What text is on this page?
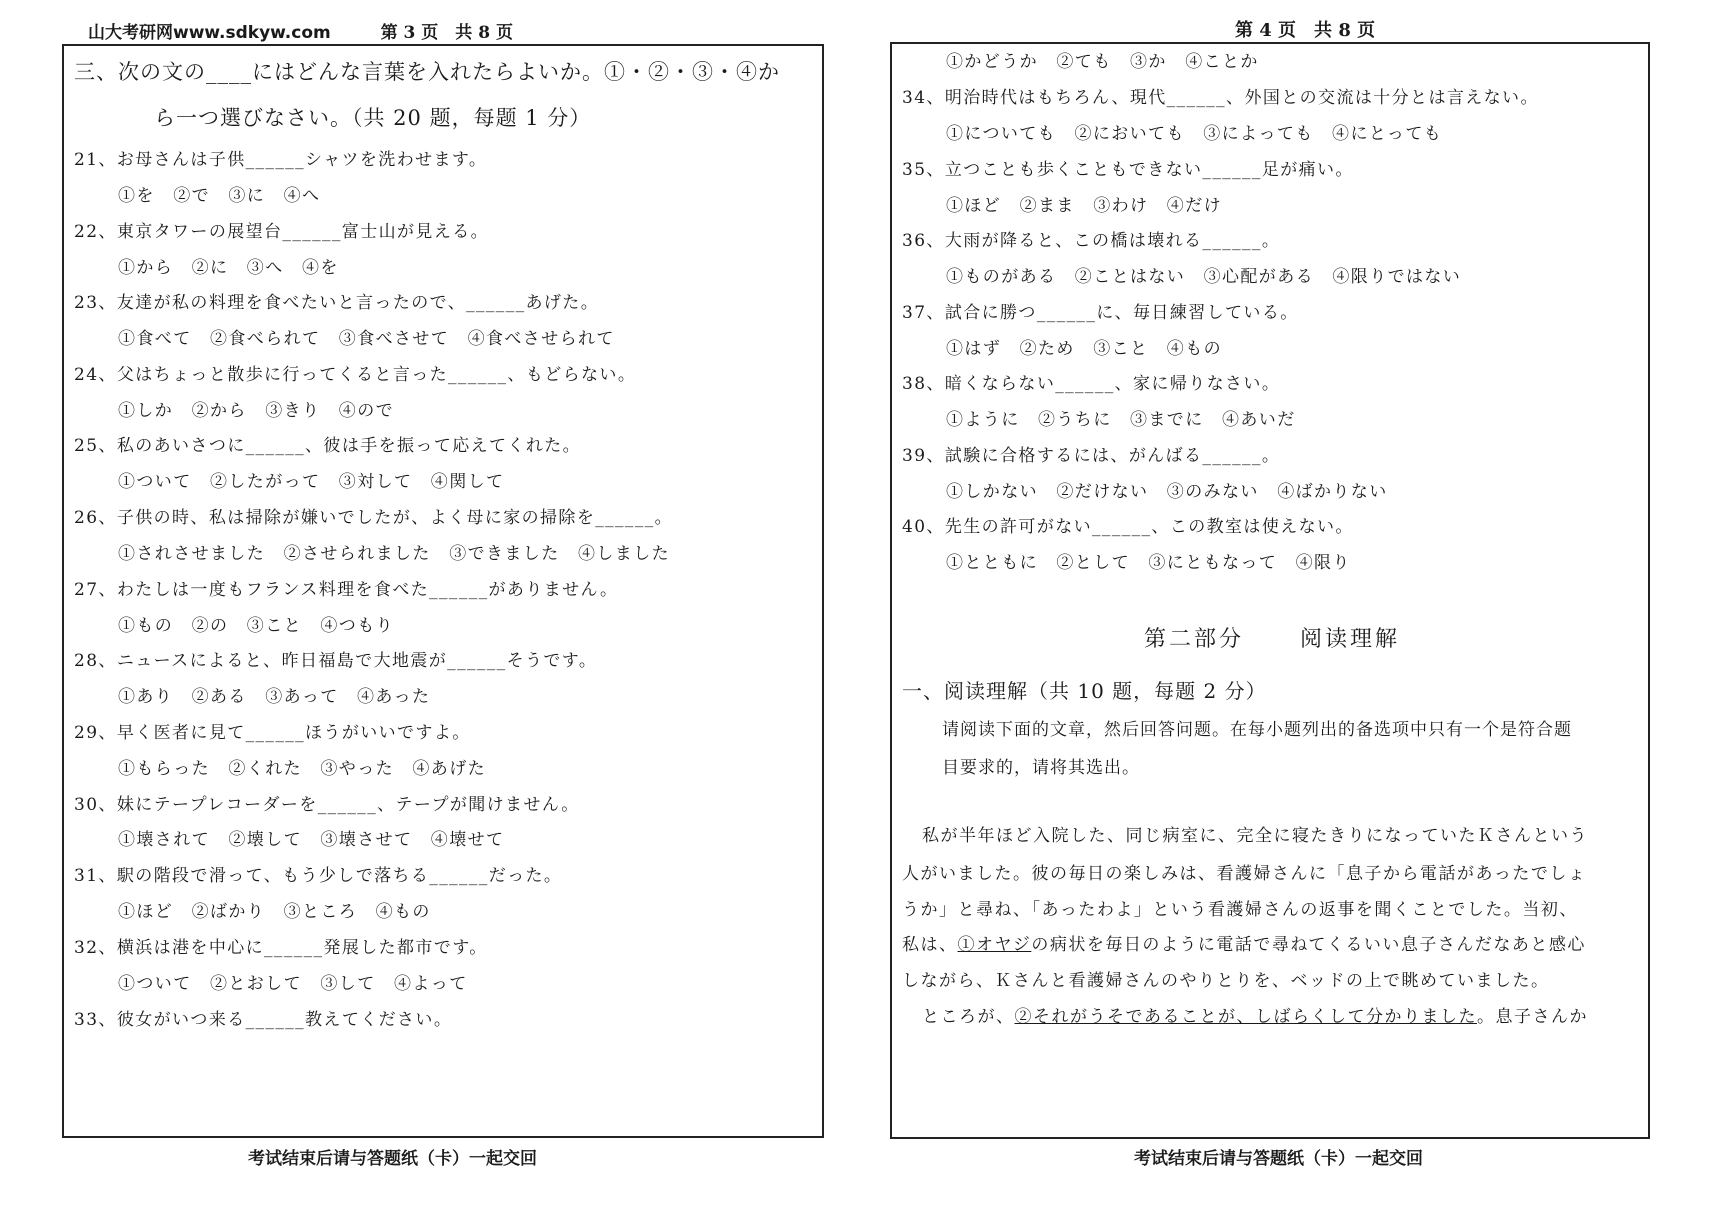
山大考研网www.sdkyw.com	第 3 页　共 8 页
三、次の文の____にはどんな言葉を入れたらよいか。①・②・③・④か
ら一つ選びなさい。（共 20 题，每题 1 分）
21、お母さんは子供______シャツを洗わせます。
①を　②で　③に　④へ
22、東京タワーの展望台______富士山が見える。
①から　②に　③へ　④を
23、友達が私の料理を食べたいと言ったので、______あげた。
①食べて　②食べられて　③食べさせて　④食べさせられて
24、父はちょっと散歩に行ってくると言った______、もどらない。
①しか　②から　③きり　④ので
25、私のあいさつに______、彼は手を振って応えてくれた。
①ついて　②したがって　③対して　④関して
26、子供の時、私は掃除が嫌いでしたが、よく母に家の掃除を______。
①されさせました　②させられました　③できました　④しました
27、わたしは一度もフランス料理を食べた______がありません。
①もの　②の　③こと　④つもり
28、ニュースによると、昨日福島で大地震が______そうです。
①あり　②ある　③あって　④あった
29、早く医者に見て______ほうがいいですよ。
①もらった　②くれた　③やった　④あげた
30、妹にテープレコーダーを______、テープが聞けません。
①壊されて　②壊して　③壊させて　④壊せて
31、駅の階段で滑って、もう少しで落ちる______だった。
①ほど　②ばかり　③ところ　④もの
32、横浜は港を中心に______発展した都市です。
①ついて　②とおして　③して　④よって
33、彼女がいつ来る______教えてください。
考试结束后请与答题纸（卡）一起交回
第 4 页　共 8 页
①かどうか　②ても　③か　④ことか
34、明治時代はもちろん、現代______、外国との交流は十分とは言えない。
①についても　②においても　③によっても　④にとっても
35、立つことも歩くこともできない______足が痛い。
①ほど　②まま　③わけ　④だけ
36、大雨が降ると、この橋は壊れる______。
①ものがある　②ことはない　③心配がある　④限りではない
37、試合に勝つ______に、毎日練習している。
①はず　②ため　③こと　④もの
38、暗くならない______、家に帰りなさい。
①ように　②うちに　③までに　④あいだ
39、試験に合格するには、がんばる______。
①しかない　②だけない　③のみない　④ばかりない
40、先生の許可がない______、この教室は使えない。
①とともに　②として　③にともなって　④限り
第二部分	阅读理解
一、阅读理解（共 10 题，每题 2 分）
请阅读下面的文章，然后回答问题。在每小题列出的备选项中只有一个是符合题
目要求的，请将其选出。
私が半年ほど入院した、同じ病室に、完全に寝たきりになっていたＫさんという
人がいました。彼の毎日の楽しみは、看護婦さんに「息子から電話があったでしょ
うか」と尋ね、「あったわよ」という看護婦さんの返事を聞くことでした。当初、
私は、①オヤジの病状を毎日のように電話で尋ねてくるいい息子さんだなあと感心
しながら、Ｋさんと看護婦さんのやりとりを、ベッドの上で眺めていました。
ところが、②それがうそであることが、しばらくして分かりました。息子さんか
考试结束后请与答题纸（卡）一起交回
